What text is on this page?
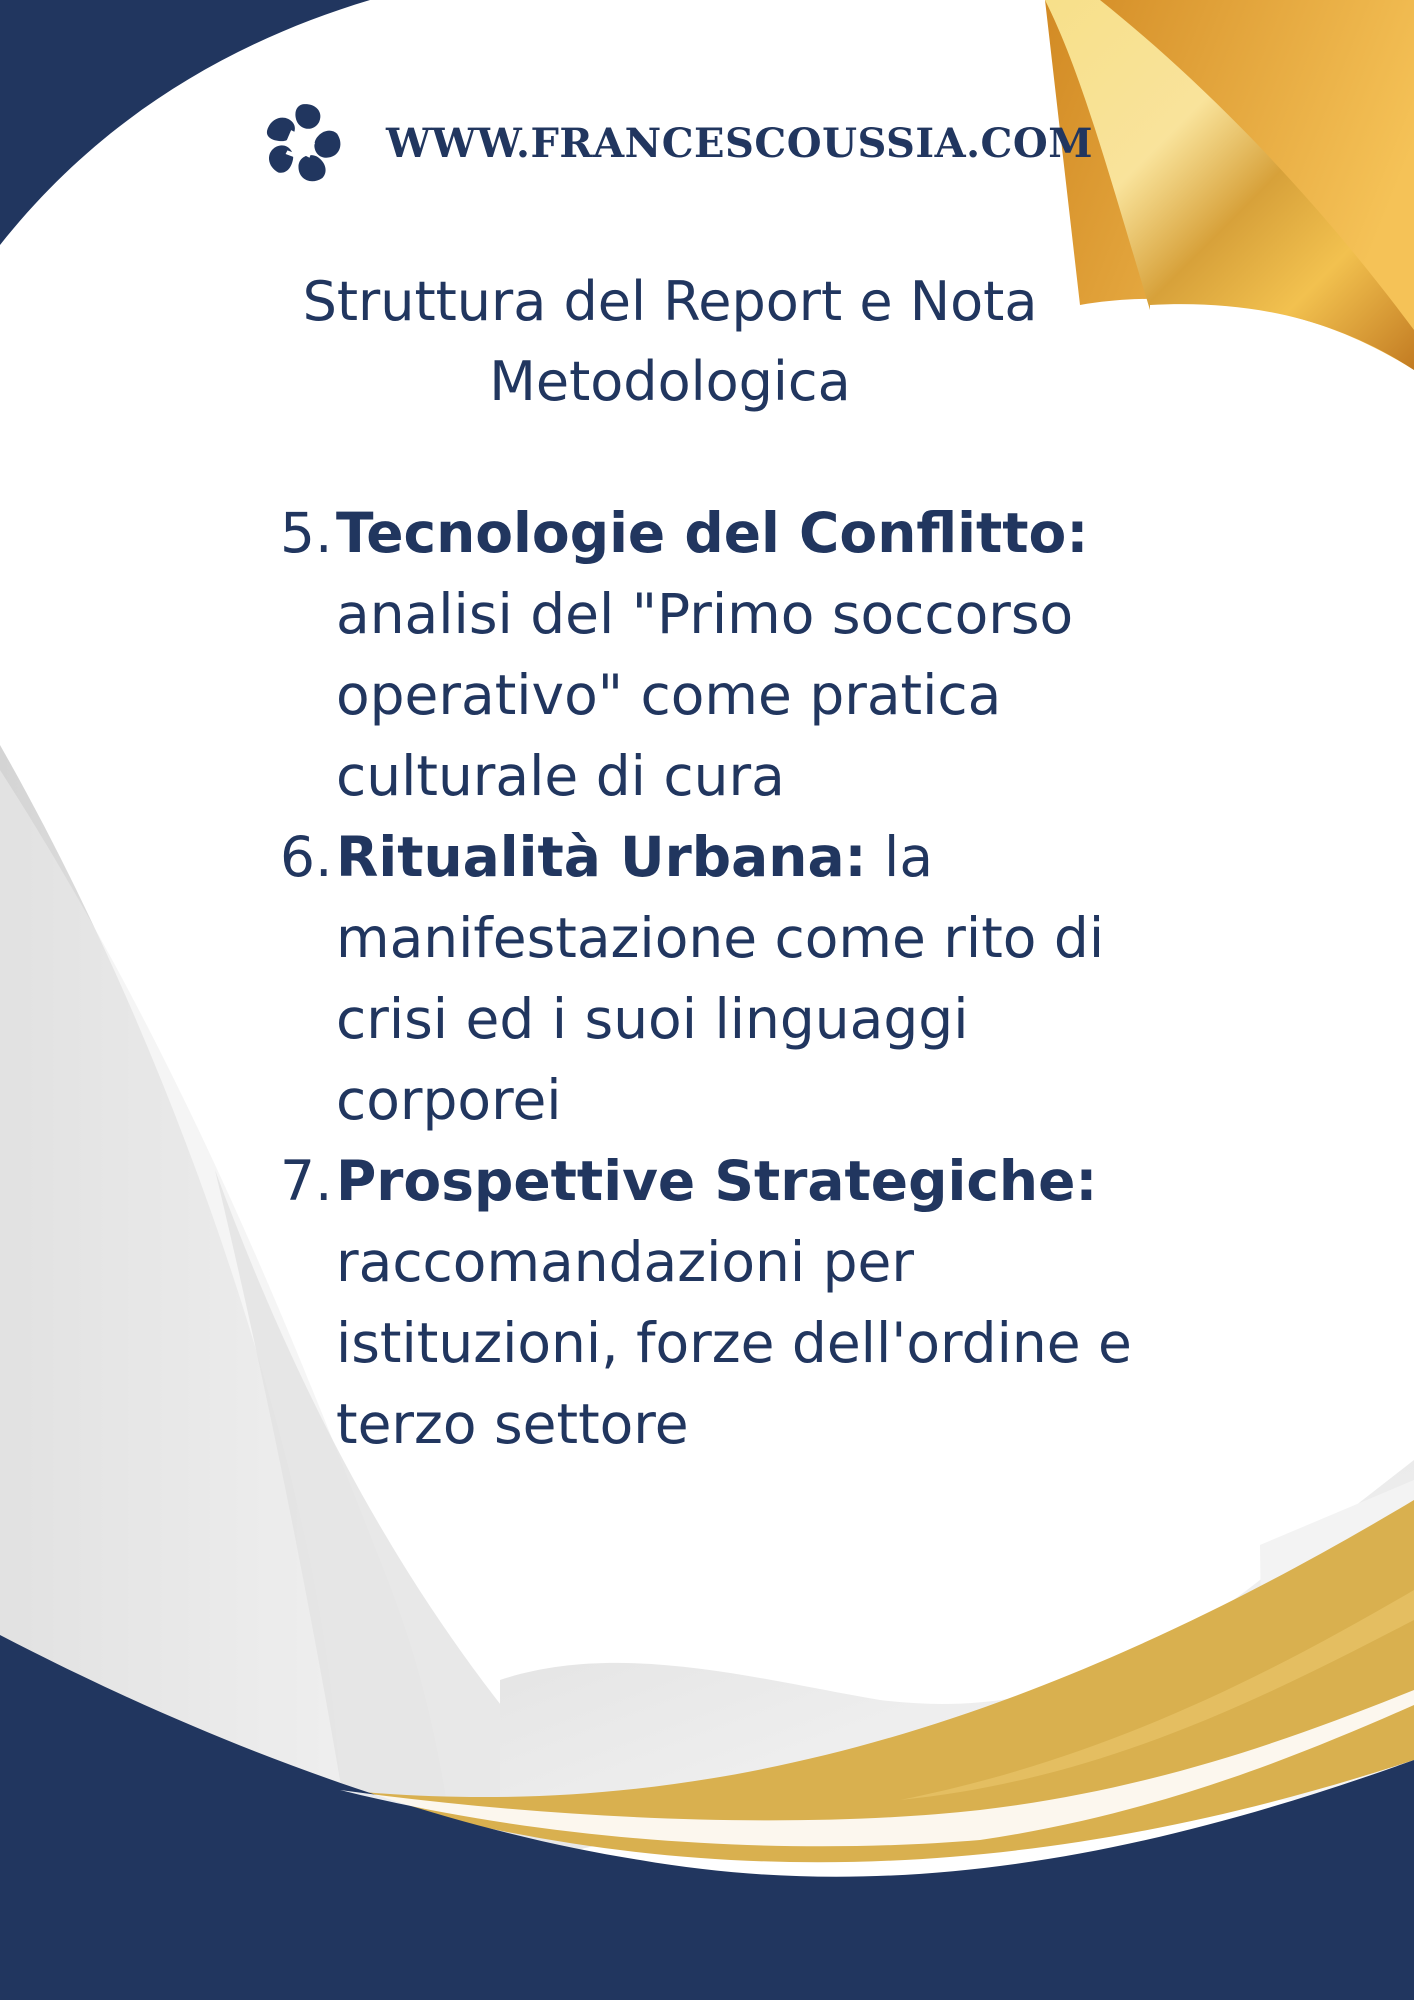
WWW.FRANCESCOUSSIA.COM
Struttura del Report e Nota
Metodologica
5. Tecnologie del Conflitto:
analisi del "Primo soccorso operativo" come pratica culturale di cura
6. Ritualità Urbana: la manifestazione come rito di crisi ed i suoi linguaggi corporei
7. Prospettive Strategiche:
raccomandazioni per istituzioni, forze dell'ordine e terzo settore
